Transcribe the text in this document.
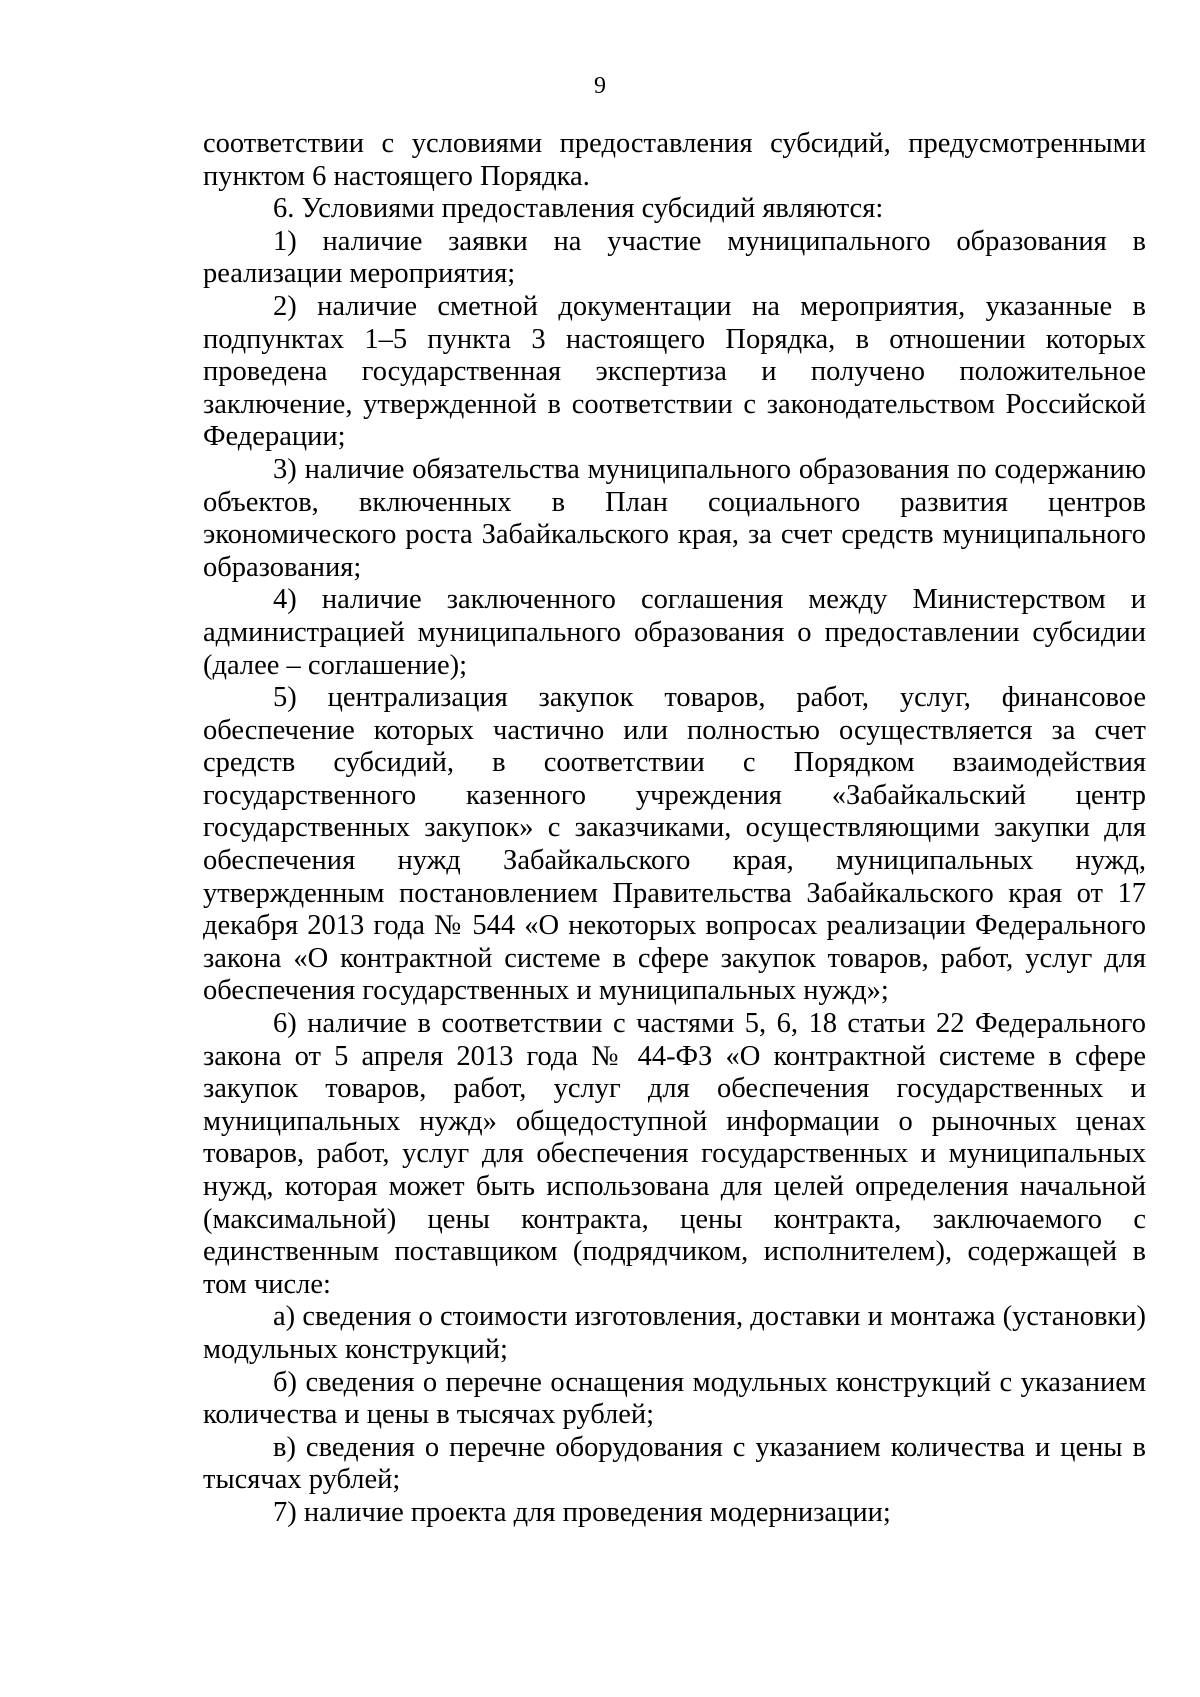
9

соответствии с условиями предоставления субсидий, предусмотренными пунктом 6 настоящего Порядка.

6. Условиями предоставления субсидий являются:

1) наличие заявки на участие муниципального образования в реализации мероприятия;

2) наличие сметной документации на мероприятия, указанные в подпунктах 1–5 пункта 3 настоящего Порядка, в отношении которых проведена государственная экспертиза и получено положительное заключение, утвержденной в соответствии с законодательством Российской Федерации;

3) наличие обязательства муниципального образования по содержанию объектов, включенных в План социального развития центров экономического роста Забайкальского края, за счет средств муниципального образования;

4) наличие заключенного соглашения между Министерством и администрацией муниципального образования о предоставлении субсидии (далее – соглашение);

5) централизация закупок товаров, работ, услуг, финансовое обеспечение которых частично или полностью осуществляется за счет средств субсидий, в соответствии с Порядком взаимодействия государственного казенного учреждения «Забайкальский центр государственных закупок» с заказчиками, осуществляющими закупки для обеспечения нужд Забайкальского края, муниципальных нужд, утвержденным постановлением Правительства Забайкальского края от 17 декабря 2013 года № 544 «О некоторых вопросах реализации Федерального закона «О контрактной системе в сфере закупок товаров, работ, услуг для обеспечения государственных и муниципальных нужд»;

6) наличие в соответствии с частями 5, 6, 18 статьи 22 Федерального закона от 5 апреля 2013 года № 44-ФЗ «О контрактной системе в сфере закупок товаров, работ, услуг для обеспечения государственных и муниципальных нужд» общедоступной информации о рыночных ценах товаров, работ, услуг для обеспечения государственных и муниципальных нужд, которая может быть использована для целей определения начальной (максимальной) цены контракта, цены контракта, заключаемого с единственным поставщиком (подрядчиком, исполнителем), содержащей в том числе:

а) сведения о стоимости изготовления, доставки и монтажа (установки) модульных конструкций;

б) сведения о перечне оснащения модульных конструкций с указанием количества и цены в тысячах рублей;

в) сведения о перечне оборудования с указанием количества и цены в тысячах рублей;

7) наличие проекта для проведения модернизации;
